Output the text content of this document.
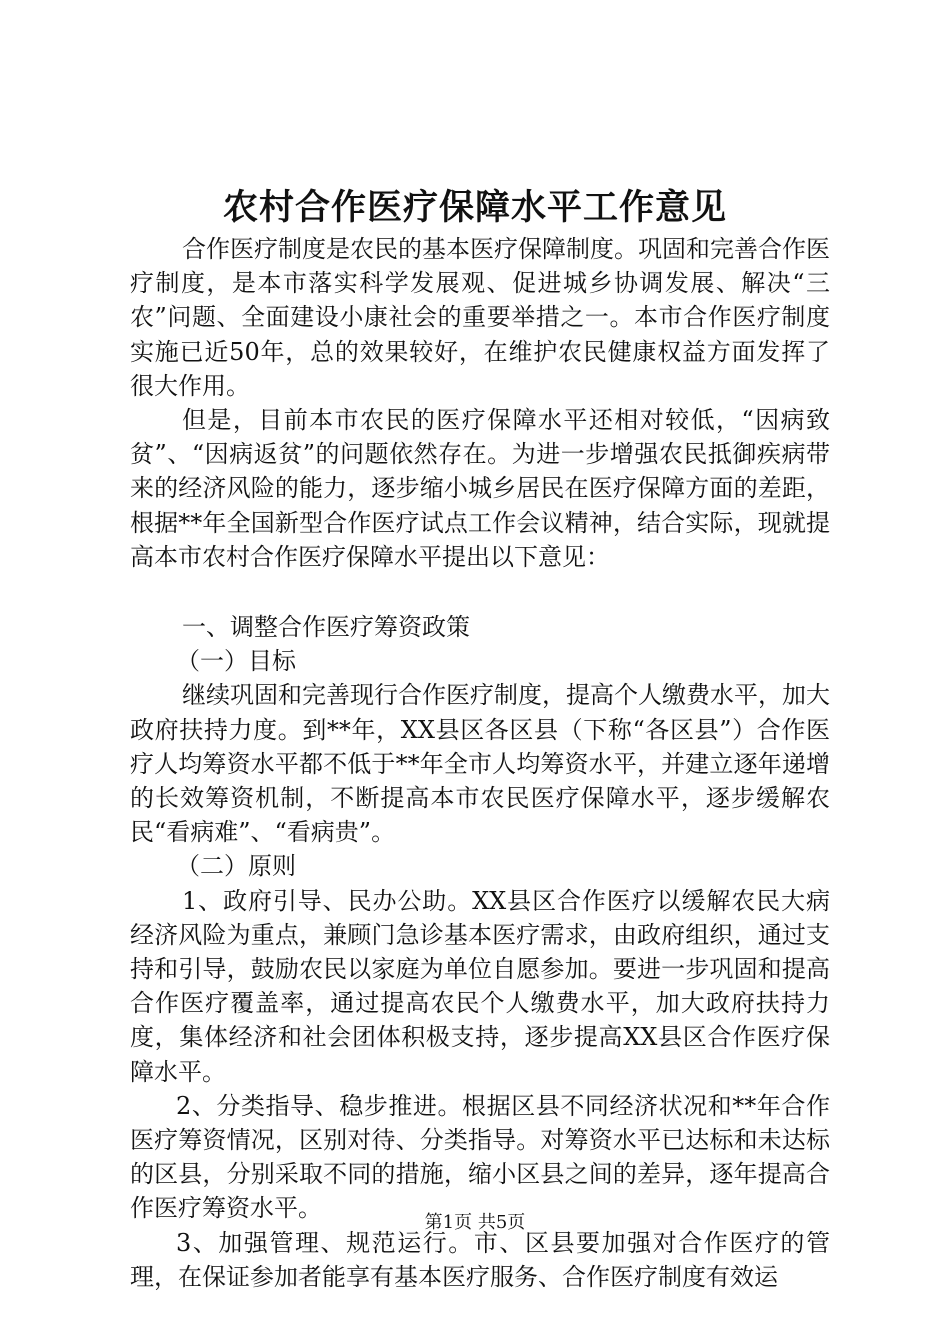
农村合作医疗保障水平工作意见

合作医疗制度是农民的基本医疗保障制度。巩固和完善合作医疗制度，是本市落实科学发展观、促进城乡协调发展、解决“三农”问题、全面建设小康社会的重要举措之一。本市合作医疗制度实施已近50年，总的效果较好，在维护农民健康权益方面发挥了很大作用。

但是，目前本市农民的医疗保障水平还相对较低，“因病致贫”、“因病返贫”的问题依然存在。为进一步增强农民抵御疾病带来的经济风险的能力，逐步缩小城乡居民在医疗保障方面的差距，根据**年全国新型合作医疗试点工作会议精神，结合实际，现就提高本市农村合作医疗保障水平提出以下意见：

一、调整合作医疗筹资政策

（一）目标

继续巩固和完善现行合作医疗制度，提高个人缴费水平，加大政府扶持力度。到**年，XX县区各区县（下称“各区县”）合作医疗人均筹资水平都不低于**年全市人均筹资水平，并建立逐年递增的长效筹资机制，不断提高本市农民医疗保障水平，逐步缓解农民“看病难”、“看病贵”。

（二）原则

1、政府引导、民办公助。XX县区合作医疗以缓解农民大病经济风险为重点，兼顾门急诊基本医疗需求，由政府组织，通过支持和引导，鼓励农民以家庭为单位自愿参加。要进一步巩固和提高合作医疗覆盖率，通过提高农民个人缴费水平，加大政府扶持力度，集体经济和社会团体积极支持，逐步提高XX县区合作医疗保障水平。

2、分类指导、稳步推进。根据区县不同经济状况和**年合作医疗筹资情况，区别对待、分类指导。对筹资水平已达标和未达标的区县，分别采取不同的措施，缩小区县之间的差异，逐年提高合作医疗筹资水平。

3、加强管理、规范运行。市、区县要加强对合作医疗的管理，在保证参加者能享有基本医疗服务、合作医疗制度有效运

第1页 共5页
